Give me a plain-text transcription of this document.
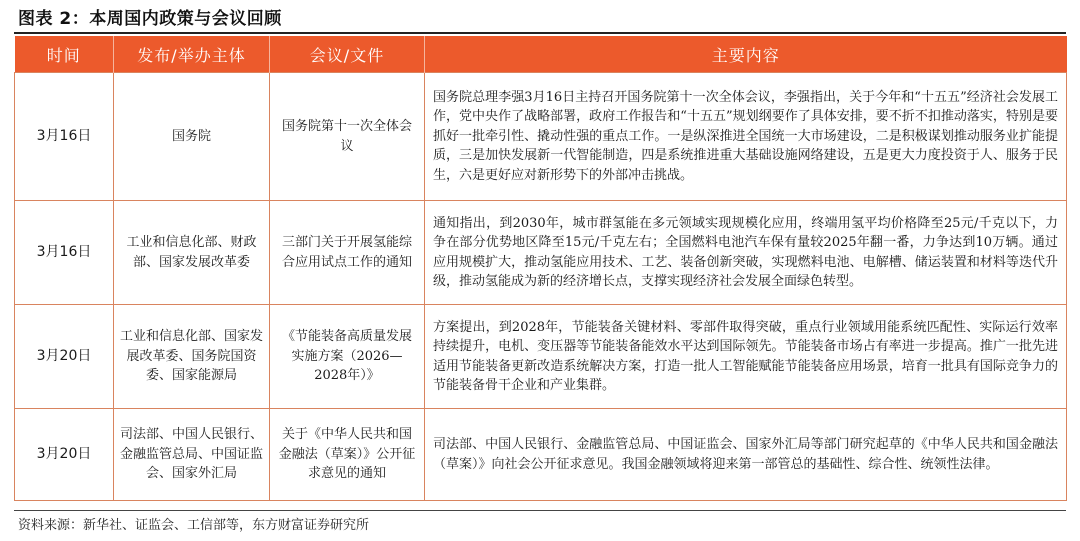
图表 2：本周国内政策与会议回顾
时间	发布/举办主体	会议/文件	主要内容
3月16日	国务院	国务院第十一次全体会议	国务院总理李强3月16日主持召开国务院第十一次全体会议，李强指出，关于今年和“十五五”经济社会发展工作，党中央作了战略部署，政府工作报告和“十五五”规划纲要作了具体安排，要不折不扣推动落实，特别是要抓好一批牵引性、撬动性强的重点工作。一是纵深推进全国统一大市场建设，二是积极谋划推动服务业扩能提质，三是加快发展新一代智能制造，四是系统推进重大基础设施网络建设，五是更大力度投资于人、服务于民生，六是更好应对新形势下的外部冲击挑战。
3月16日	工业和信息化部、财政部、国家发展改革委	三部门关于开展氢能综合应用试点工作的通知	通知指出，到2030年，城市群氢能在多元领域实现规模化应用，终端用氢平均价格降至25元/千克以下，力争在部分优势地区降至15元/千克左右；全国燃料电池汽车保有量较2025年翻一番，力争达到10万辆。通过应用规模扩大，推动氢能应用技术、工艺、装备创新突破，实现燃料电池、电解槽、储运装置和材料等迭代升级，推动氢能成为新的经济增长点，支撑实现经济社会发展全面绿色转型。
3月20日	工业和信息化部、国家发展改革委、国务院国资委、国家能源局	《节能装备高质量发展实施方案（2026—2028年）》	方案提出，到2028年，节能装备关键材料、零部件取得突破，重点行业领域用能系统匹配性、实际运行效率持续提升，电机、变压器等节能装备能效水平达到国际领先。节能装备市场占有率进一步提高。推广一批先进适用节能装备更新改造系统解决方案，打造一批人工智能赋能节能装备应用场景，培育一批具有国际竞争力的节能装备骨干企业和产业集群。
3月20日	司法部、中国人民银行、金融监管总局、中国证监会、国家外汇局	关于《中华人民共和国金融法（草案）》公开征求意见的通知	司法部、中国人民银行、金融监管总局、中国证监会、国家外汇局等部门研究起草的《中华人民共和国金融法（草案）》向社会公开征求意见。我国金融领域将迎来第一部管总的基础性、综合性、统领性法律。
资料来源：新华社、证监会、工信部等，东方财富证券研究所
